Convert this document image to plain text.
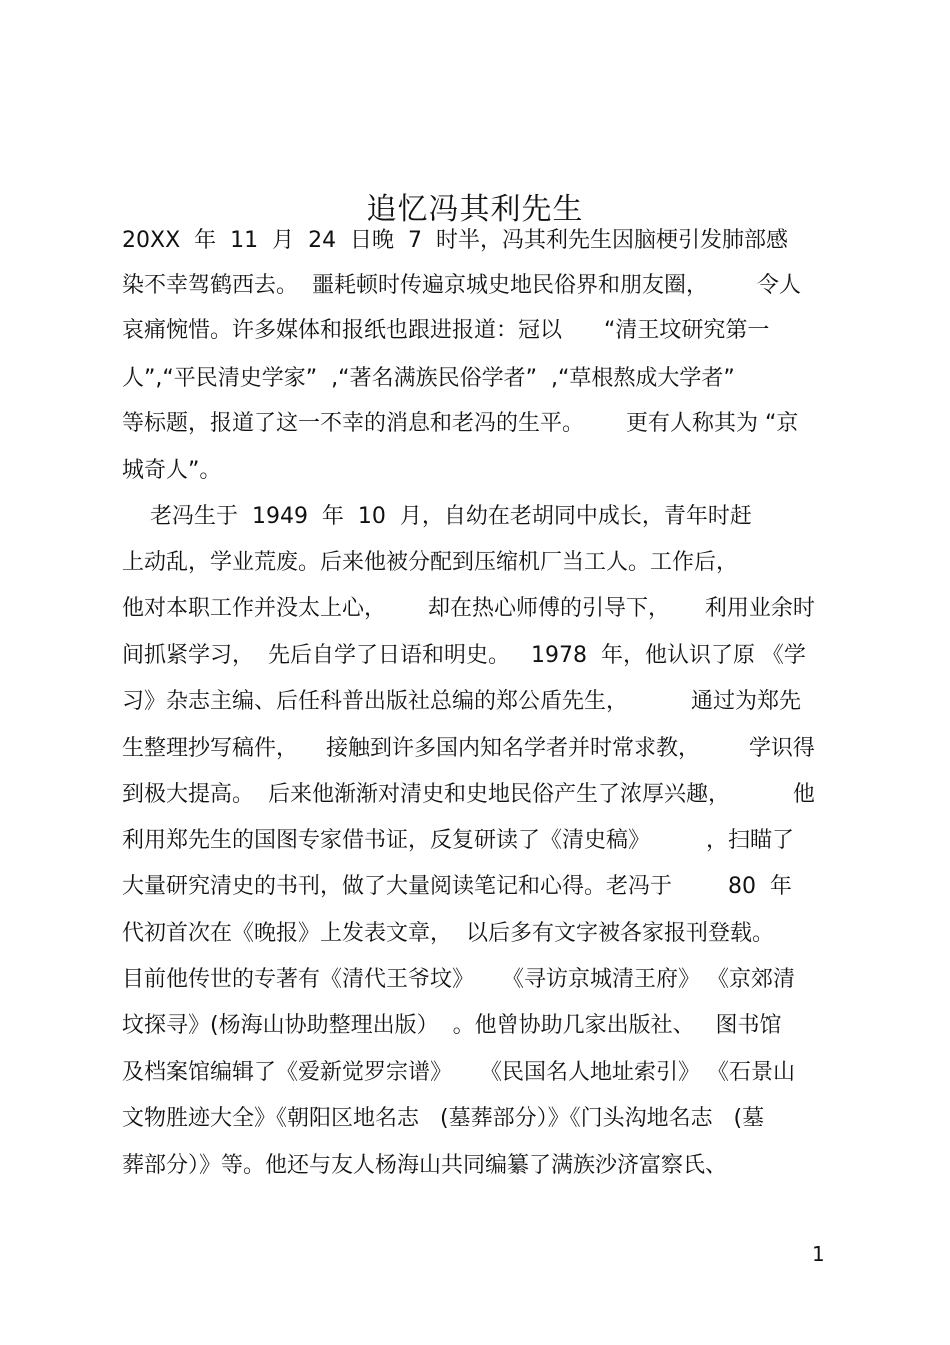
追忆冯其利先生
20XX  年  11  月  24  日晚  7  时半，冯其利先生因脑梗引发肺部感
染不幸驾鹤西去。  噩耗顿时传遍京城史地民俗界和朋友圈，       令人
哀痛惋惜。许多媒体和报纸也跟进报道：冠以      “清王坟研究第一
人”,“平民清史学家”  ,“著名满族民俗学者”  ,“草根熬成大学者”
等标题，报道了这一不幸的消息和老冯的生平。      更有人称其为 “京
城奇人”。
老冯生于  1949  年  10  月，自幼在老胡同中成长，青年时赶
上动乱，学业荒废。后来他被分配到压缩机厂当工人。工作后，
他对本职工作并没太上心，      却在热心师傅的引导下，     利用业余时
间抓紧学习，  先后自学了日语和明史。   1978  年，他认识了原 《学
习》杂志主编、后任科普出版社总编的郑公盾先生，         通过为郑先
生整理抄写稿件，    接触到许多国内知名学者并时常求教，       学识得
到极大提高。  后来他渐渐对清史和史地民俗产生了浓厚兴趣，         他
利用郑先生的国图专家借书证，反复研读了《清史稿》        ，扫瞄了
大量研究清史的书刊，做了大量阅读笔记和心得。老冯于        80  年
代初首次在《晚报》上发表文章，  以后多有文字被各家报刊登载。
目前他传世的专著有《清代王爷坟》    《寻访京城清王府》 《京郊清
坟探寻》(杨海山协助整理出版）  。他曾协助几家出版社、   图书馆
及档案馆编辑了《爱新觉罗宗谱》    《民国名人地址索引》 《石景山
文物胜迹大全》《朝阳区地名志   (墓葬部分）》《门头沟地名志   (墓
葬部分）》等。他还与友人杨海山共同编纂了满族沙济富察氏、
1
